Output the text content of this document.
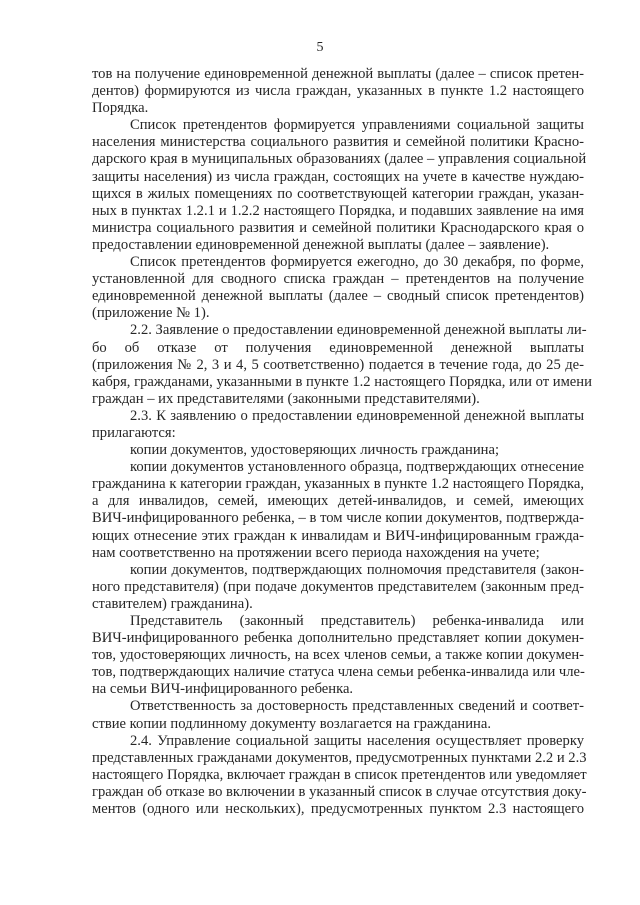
5
тов на получение единовременной денежной выплаты (далее – список претен-
дентов) формируются из числа граждан, указанных в пункте 1.2 настоящего
Порядка.
Список претендентов формируется управлениями социальной защиты
населения министерства социального развития и семейной политики Красно-
дарского края в муниципальных образованиях (далее – управления социальной
защиты населения) из числа граждан, состоящих на учете в качестве нуждаю-
щихся в жилых помещениях по соответствующей категории граждан, указан-
ных в пунктах 1.2.1 и 1.2.2 настоящего Порядка, и подавших заявление на имя
министра социального развития и семейной политики Краснодарского края о
предоставлении единовременной денежной выплаты (далее – заявление).
Список претендентов формируется ежегодно, до 30 декабря, по форме,
установленной для сводного списка граждан – претендентов на получение
единовременной денежной выплаты (далее – сводный список претендентов)
(приложение № 1).
2.2. Заявление о предоставлении единовременной денежной выплаты ли-
бо об отказе от получения единовременной денежной выплаты
(приложения № 2, 3 и 4, 5 соответственно) подается в течение года, до 25 де-
кабря, гражданами, указанными в пункте 1.2 настоящего Порядка, или от имени
граждан – их представителями (законными представителями).
2.3. К заявлению о предоставлении единовременной денежной выплаты
прилагаются:
копии документов, удостоверяющих личность гражданина;
копии документов установленного образца, подтверждающих отнесение
гражданина к категории граждан, указанных в пункте 1.2 настоящего Порядка,
а для инвалидов, семей, имеющих детей-инвалидов, и семей, имеющих
ВИЧ-инфицированного ребенка, – в том числе копии документов, подтвержда-
ющих отнесение этих граждан к инвалидам и ВИЧ-инфицированным гражда-
нам соответственно на протяжении всего периода нахождения на учете;
копии документов, подтверждающих полномочия представителя (закон-
ного представителя) (при подаче документов представителем (законным пред-
ставителем) гражданина).
Представитель (законный представитель) ребенка-инвалида или
ВИЧ-инфицированного ребенка дополнительно представляет копии докумен-
тов, удостоверяющих личность, на всех членов семьи, а также копии докумен-
тов, подтверждающих наличие статуса члена семьи ребенка-инвалида или чле-
на семьи ВИЧ-инфицированного ребенка.
Ответственность за достоверность представленных сведений и соответ-
ствие копии подлинному документу возлагается на гражданина.
2.4. Управление социальной защиты населения осуществляет проверку
представленных гражданами документов, предусмотренных пунктами 2.2 и 2.3
настоящего Порядка, включает граждан в список претендентов или уведомляет
граждан об отказе во включении в указанный список в случае отсутствия доку-
ментов (одного или нескольких), предусмотренных пунктом 2.3 настоящего
